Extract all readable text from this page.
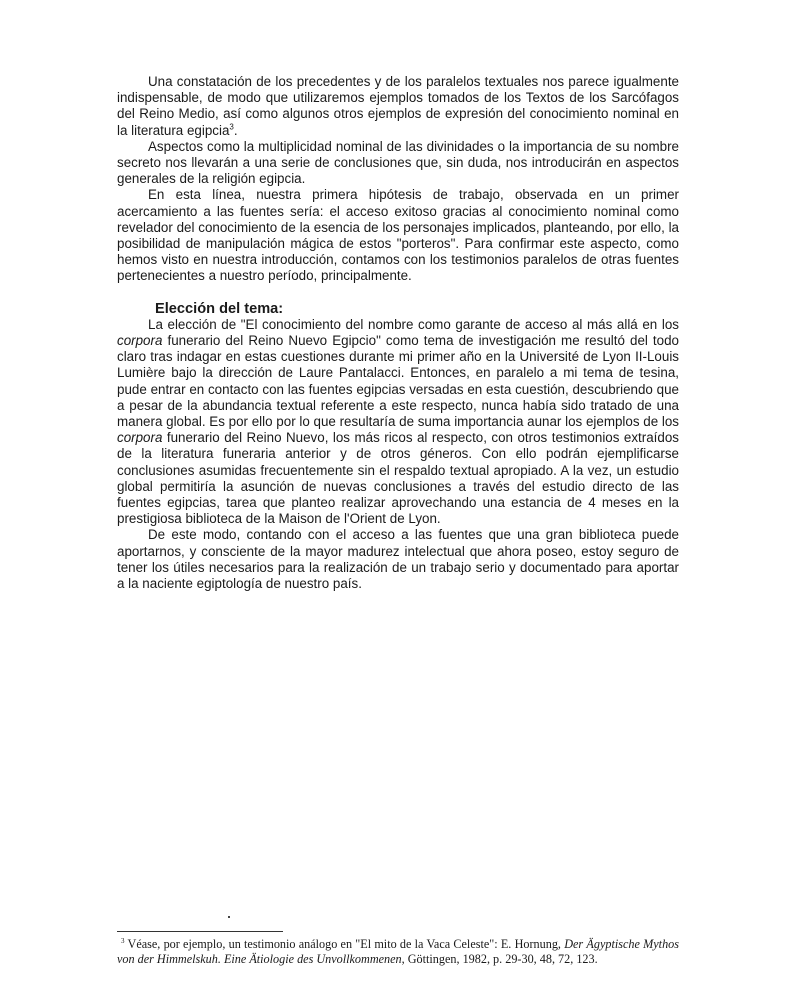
Una constatación de los precedentes y de los paralelos textuales nos parece igualmente indispensable, de modo que utilizaremos ejemplos tomados de los Textos de los Sarcófagos del Reino Medio, así como algunos otros ejemplos de expresión del conocimiento nominal en la literatura egipcia$^3$.

Aspectos como la multiplicidad nominal de las divinidades o la importancia de su nombre secreto nos llevarán a una serie de conclusiones que, sin duda, nos introducirán en aspectos generales de la religión egipcia.

En esta línea, nuestra primera hipótesis de trabajo, observada en un primer acercamiento a las fuentes sería: el acceso exitoso gracias al conocimiento nominal como revelador del conocimiento de la esencia de los personajes implicados, planteando, por ello, la posibilidad de manipulación mágica de estos "porteros". Para confirmar este aspecto, como hemos visto en nuestra introducción, contamos con los testimonios paralelos de otras fuentes pertenecientes a nuestro período, principalmente.

Elección del tema:

La elección de "El conocimiento del nombre como garante de acceso al más allá en los corpora funerario del Reino Nuevo Egipcio" como tema de investigación me resultó del todo claro tras indagar en estas cuestiones durante mi primer año en la Université de Lyon II-Louis Lumière bajo la dirección de Laure Pantalacci. Entonces, en paralelo a mi tema de tesina, pude entrar en contacto con las fuentes egipcias versadas en esta cuestión, descubriendo que a pesar de la abundancia textual referente a este respecto, nunca había sido tratado de una manera global. Es por ello por lo que resultaría de suma importancia aunar los ejemplos de los corpora funerario del Reino Nuevo, los más ricos al respecto, con otros testimonios extraídos de la literatura funeraria anterior y de otros géneros. Con ello podrán ejemplificarse conclusiones asumidas frecuentemente sin el respaldo textual apropiado. A la vez, un estudio global permitiría la asunción de nuevas conclusiones a través del estudio directo de las fuentes egipcias, tarea que planteo realizar aprovechando una estancia de 4 meses en la prestigiosa biblioteca de la Maison de l'Orient de Lyon.

De este modo, contando con el acceso a las fuentes que una gran biblioteca puede aportarnos, y consciente de la mayor madurez intelectual que ahora poseo, estoy seguro de tener los útiles necesarios para la realización de un trabajo serio y documentado para aportar a la naciente egiptología de nuestro país.

$^3$ Véase, por ejemplo, un testimonio análogo en "El mito de la Vaca Celeste": E. Hornung, Der Ägyptische Mythos von der Himmelskuh. Eine Ätiologie des Unvollkommenen, Göttingen, 1982, p. 29-30, 48, 72, 123.
